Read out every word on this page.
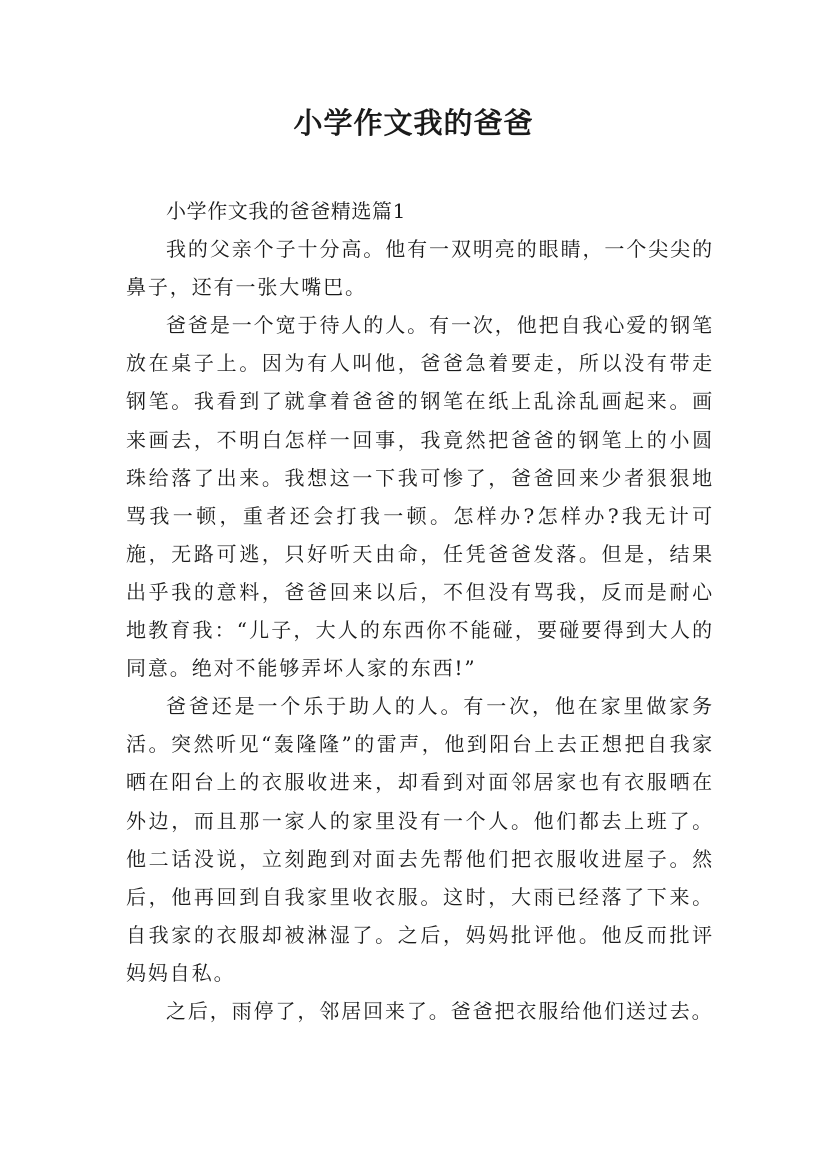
小学作文我的爸爸

小学作文我的爸爸精选篇1

我的父亲个子十分高。他有一双明亮的眼睛，一个尖尖的鼻子，还有一张大嘴巴。

爸爸是一个宽于待人的人。有一次，他把自我心爱的钢笔放在桌子上。因为有人叫他，爸爸急着要走，所以没有带走钢笔。我看到了就拿着爸爸的钢笔在纸上乱涂乱画起来。画来画去，不明白怎样一回事，我竟然把爸爸的钢笔上的小圆珠给落了出来。我想这一下我可惨了，爸爸回来少者狠狠地骂我一顿，重者还会打我一顿。怎样办?怎样办?我无计可施，无路可逃，只好听天由命，任凭爸爸发落。但是，结果出乎我的意料，爸爸回来以后，不但没有骂我，反而是耐心地教育我：“儿子，大人的东西你不能碰，要碰要得到大人的同意。绝对不能够弄坏人家的东西!”

爸爸还是一个乐于助人的人。有一次，他在家里做家务活。突然听见“轰隆隆”的雷声，他到阳台上去正想把自我家晒在阳台上的衣服收进来，却看到对面邻居家也有衣服晒在外边，而且那一家人的家里没有一个人。他们都去上班了。他二话没说，立刻跑到对面去先帮他们把衣服收进屋子。然后，他再回到自我家里收衣服。这时，大雨已经落了下来。自我家的衣服却被淋湿了。之后，妈妈批评他。他反而批评妈妈自私。

之后，雨停了，邻居回来了。爸爸把衣服给他们送过去。
